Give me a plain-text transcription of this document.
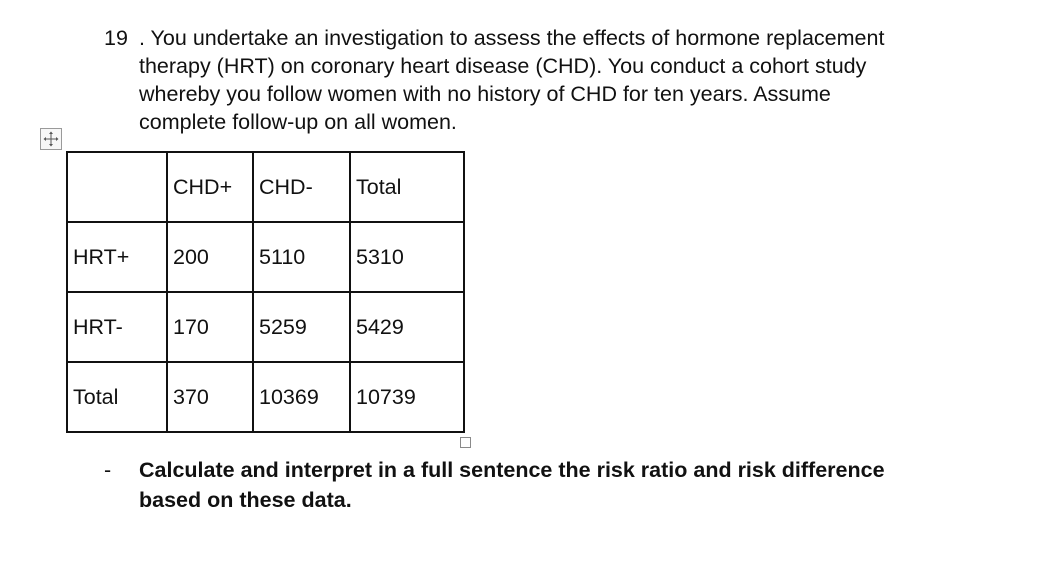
19 . You undertake an investigation to assess the effects of hormone replacement
therapy (HRT) on coronary heart disease (CHD). You conduct a cohort study
whereby you follow women with no history of CHD for ten years. Assume
complete follow-up on all women.
	CHD+	CHD-	Total
HRT+	200	5110	5310
HRT-	170	5259	5429
Total	370	10369	10739
- Calculate and interpret in a full sentence the risk ratio and risk difference
based on these data.
